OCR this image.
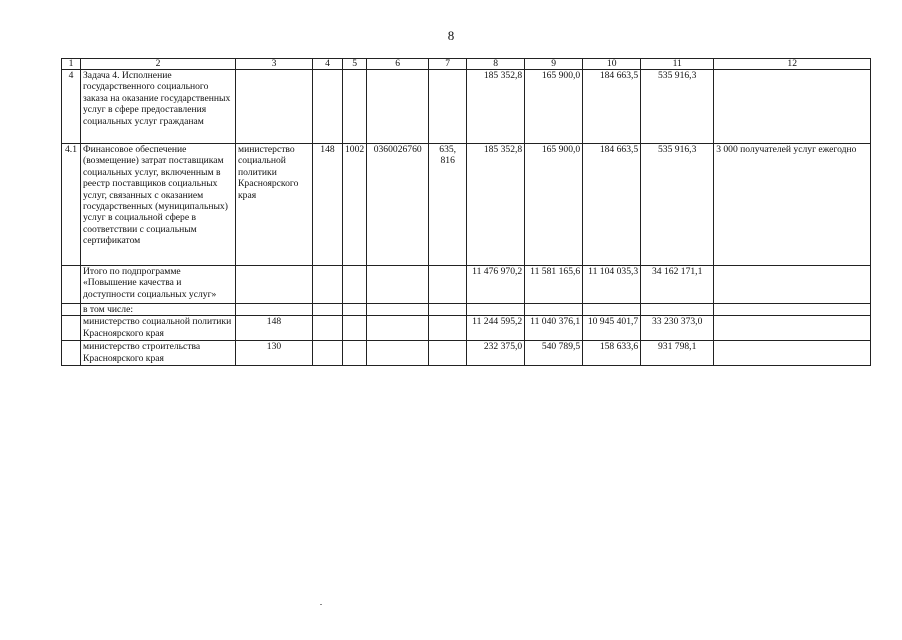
8
1	2	3	4	5	6	7	8	9	10	11	12
4	Задача 4. Исполнение государственного социального заказа на оказание государственных услуг в сфере предоставления социальных услуг гражданам						185 352,8	165 900,0	184 663,5	535 916,3	
4.1	Финансовое обеспечение (возмещение) затрат поставщикам социальных услуг, включенным в реестр поставщиков социальных услуг, связанных с оказанием государственных (муниципальных) услуг в социальной сфере в соответствии с социальным сертификатом	министерство социальной политики Красноярского края	148	1002	0360026760	635, 816	185 352,8	165 900,0	184 663,5	535 916,3	3 000 получателей услуг ежегодно
	Итого по подпрограмме «Повышение качества и доступности социальных услуг»						11 476 970,2	11 581 165,6	11 104 035,3	34 162 171,1	
	в том числе:										
	министерство социальной политики Красноярского края	148					11 244 595,2	11 040 376,1	10 945 401,7	33 230 373,0	
	министерство строительства Красноярского края	130					232 375,0	540 789,5	158 633,6	931 798,1	
